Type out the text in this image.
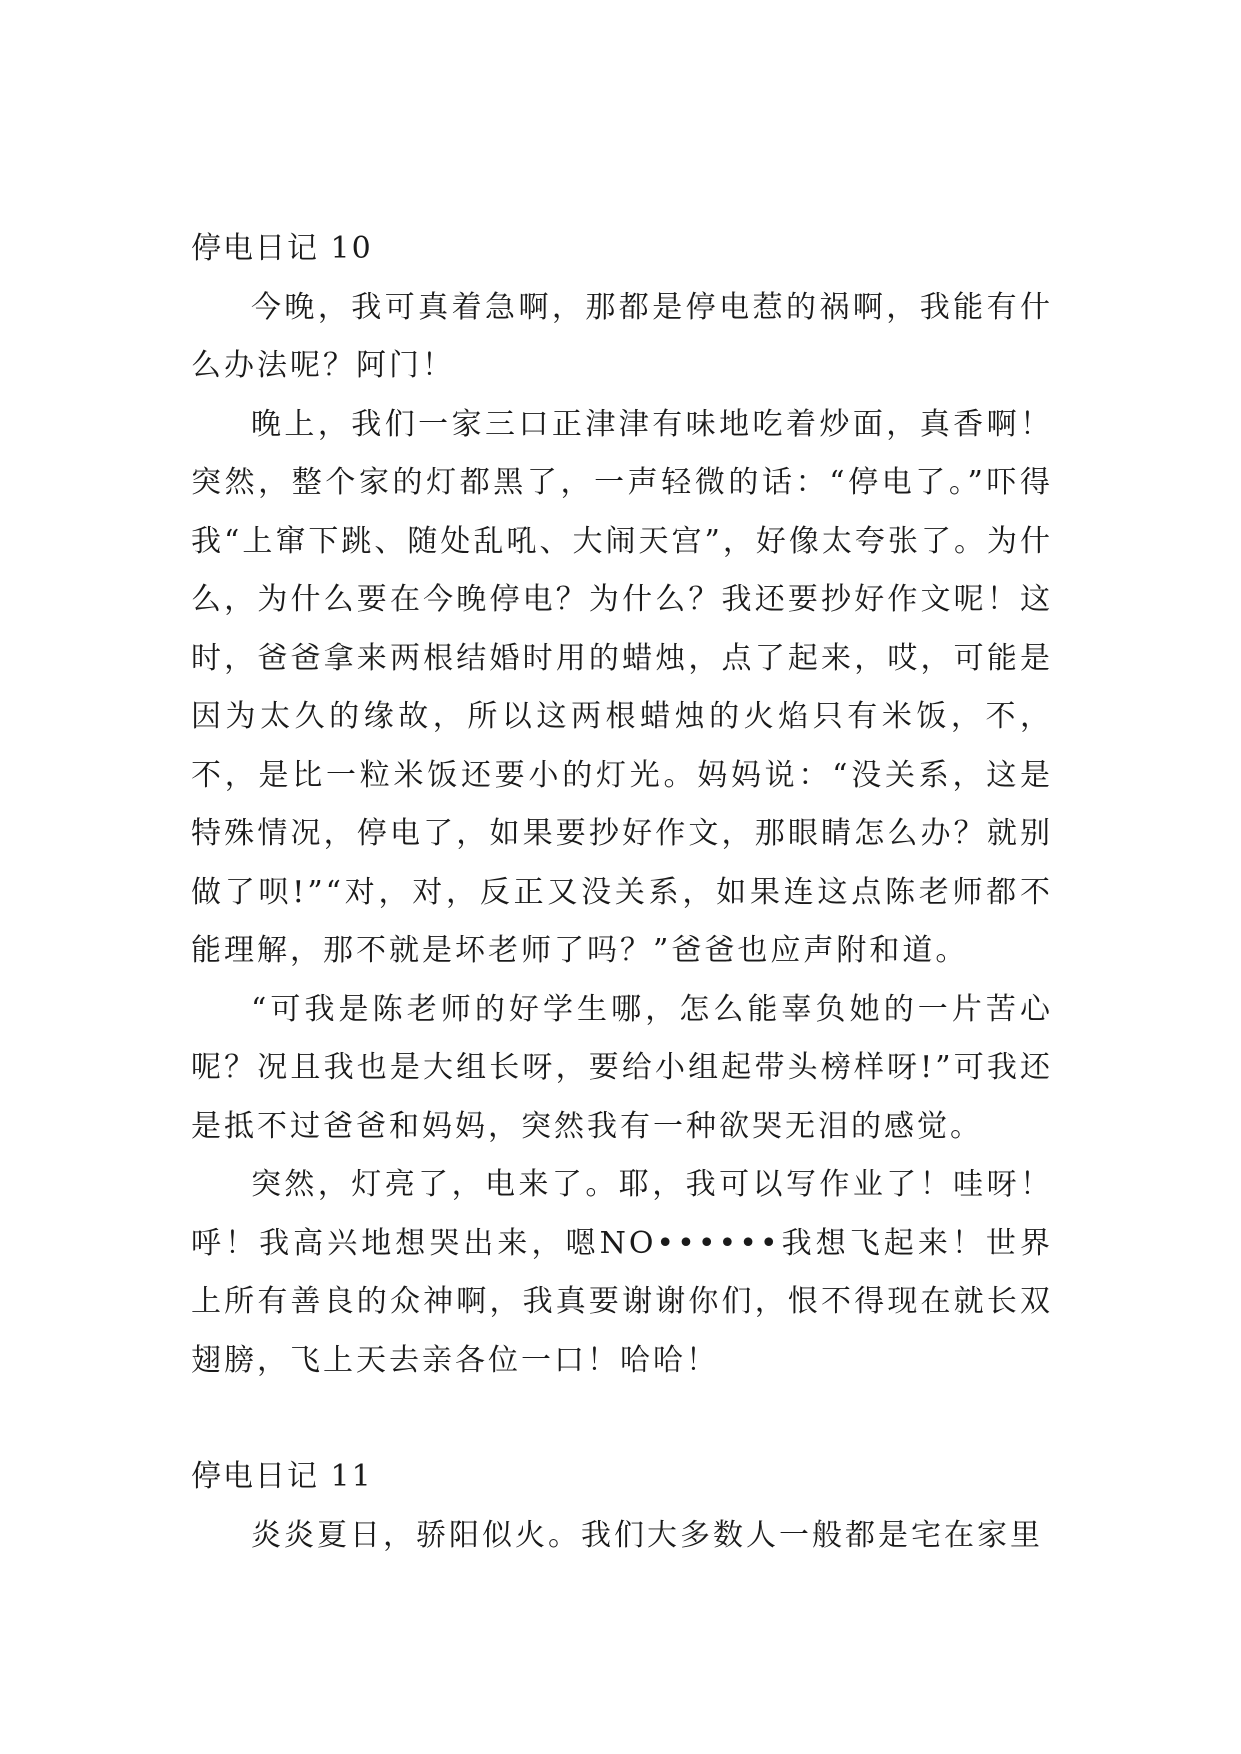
停电日记 10

今晚，我可真着急啊，那都是停电惹的祸啊，我能有什么办法呢？阿门！

晚上，我们一家三口正津津有味地吃着炒面，真香啊！突然，整个家的灯都黑了，一声轻微的话：“停电了。”吓得我“上窜下跳、随处乱吼、大闹天宫”，好像太夸张了。为什么，为什么要在今晚停电？为什么？我还要抄好作文呢！这时，爸爸拿来两根结婚时用的蜡烛，点了起来，哎，可能是因为太久的缘故，所以这两根蜡烛的火焰只有米饭，不，不，是比一粒米饭还要小的灯光。妈妈说：“没关系，这是特殊情况，停电了，如果要抄好作文，那眼睛怎么办？就别做了呗!”“对，对，反正又没关系，如果连这点陈老师都不能理解，那不就是坏老师了吗？”爸爸也应声附和道。

“可我是陈老师的好学生哪，怎么能辜负她的一片苦心呢？况且我也是大组长呀，要给小组起带头榜样呀!”可我还是抵不过爸爸和妈妈，突然我有一种欲哭无泪的感觉。

突然，灯亮了，电来了。耶，我可以写作业了！哇呀！呼！我高兴地想哭出来，嗯NO••••••我想飞起来！世界上所有善良的众神啊，我真要谢谢你们，恨不得现在就长双翅膀，飞上天去亲各位一口！哈哈！

停电日记 11

炎炎夏日，骄阳似火。我们大多数人一般都是宅在家里
